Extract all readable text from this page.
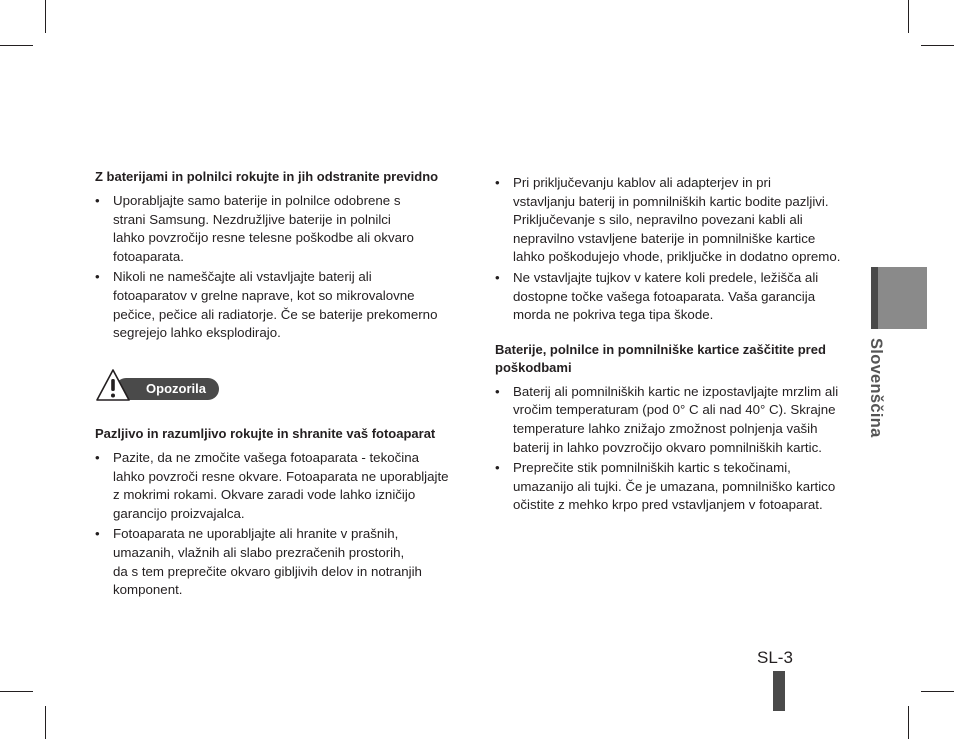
Z baterijami in polnilci rokujte in jih odstranite previdno
• Uporabljajte samo baterije in polnilce odobrene s
strani Samsung. Nezdružljive baterije in polnilci
lahko povzročijo resne telesne poškodbe ali okvaro
fotoaparata.
• Nikoli ne nameščajte ali vstavljajte baterij ali
fotoaparatov v grelne naprave, kot so mikrovalovne
pečice, pečice ali radiatorje. Če se baterije prekomerno
segrejejo lahko eksplodirajo.
Opozorila
Pazljivo in razumljivo rokujte in shranite vaš fotoaparat
• Pazite, da ne zmočite vašega fotoaparata - tekočina
lahko povzroči resne okvare. Fotoaparata ne uporabljajte
z mokrimi rokami. Okvare zaradi vode lahko izničijo
garancijo proizvajalca.
• Fotoaparata ne uporabljajte ali hranite v prašnih,
umazanih, vlažnih ali slabo prezračenih prostorih,
da s tem preprečite okvaro gibljivih delov in notranjih
komponent.
• Pri priključevanju kablov ali adapterjev in pri
vstavljanju baterij in pomnilniških kartic bodite pazljivi.
Priključevanje s silo, nepravilno povezani kabli ali
nepravilno vstavljene baterije in pomnilniške kartice
lahko poškodujejo vhode, priključke in dodatno opremo.
• Ne vstavljajte tujkov v katere koli predele, ležišča ali
dostopne točke vašega fotoaparata. Vaša garancija
morda ne pokriva tega tipa škode.
Baterije, polnilce in pomnilniške kartice zaščitite pred
poškodbami
• Baterij ali pomnilniških kartic ne izpostavljajte mrzlim ali
vročim temperaturam (pod 0° C ali nad 40° C). Skrajne
temperature lahko znižajo zmožnost polnjenja vaših
baterij in lahko povzročijo okvaro pomnilniških kartic.
• Preprečite stik pomnilniških kartic s tekočinami,
umazanijo ali tujki. Če je umazana, pomnilniško kartico
očistite z mehko krpo pred vstavljanjem v fotoaparat.
Slovenščina
SL-3
